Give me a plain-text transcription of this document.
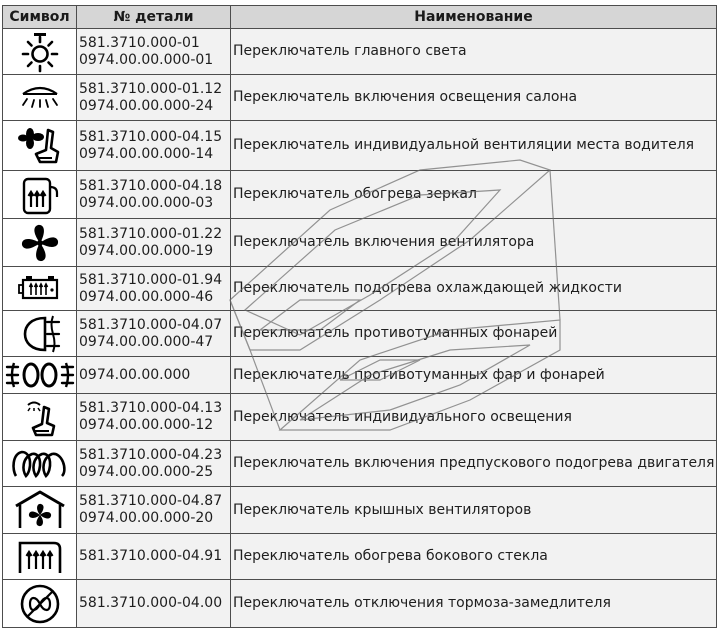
Символ	№ детали	Наименование

581.3710.000-01
0974.00.00.000-01	Переключатель главного света

581.3710.000-01.12
0974.00.00.000-24	Переключатель включения освещения салона

581.3710.000-04.15
0974.00.00.000-14	Переключатель индивидуальной вентиляции места водителя

581.3710.000-04.18
0974.00.00.000-03	Переключатель обогрева зеркал

581.3710.000-01.22
0974.00.00.000-19	Переключатель включения вентилятора

581.3710.000-01.94
0974.00.00.000-46	Переключатель подогрева охлаждающей жидкости

581.3710.000-04.07
0974.00.00.000-47	Переключатель противотуманных фонарей

0974.00.00.000	Переключатель противотуманных фар и фонарей

581.3710.000-04.13
0974.00.00.000-12	Переключатель индивидуального освещения

581.3710.000-04.23
0974.00.00.000-25	Переключатель включения предпускового подогрева двигателя

581.3710.000-04.87
0974.00.00.000-20	Переключатель крышных вентиляторов

581.3710.000-04.91	Переключатель обогрева бокового стекла

581.3710.000-04.00	Переключатель отключения тормоза-замедлителя
